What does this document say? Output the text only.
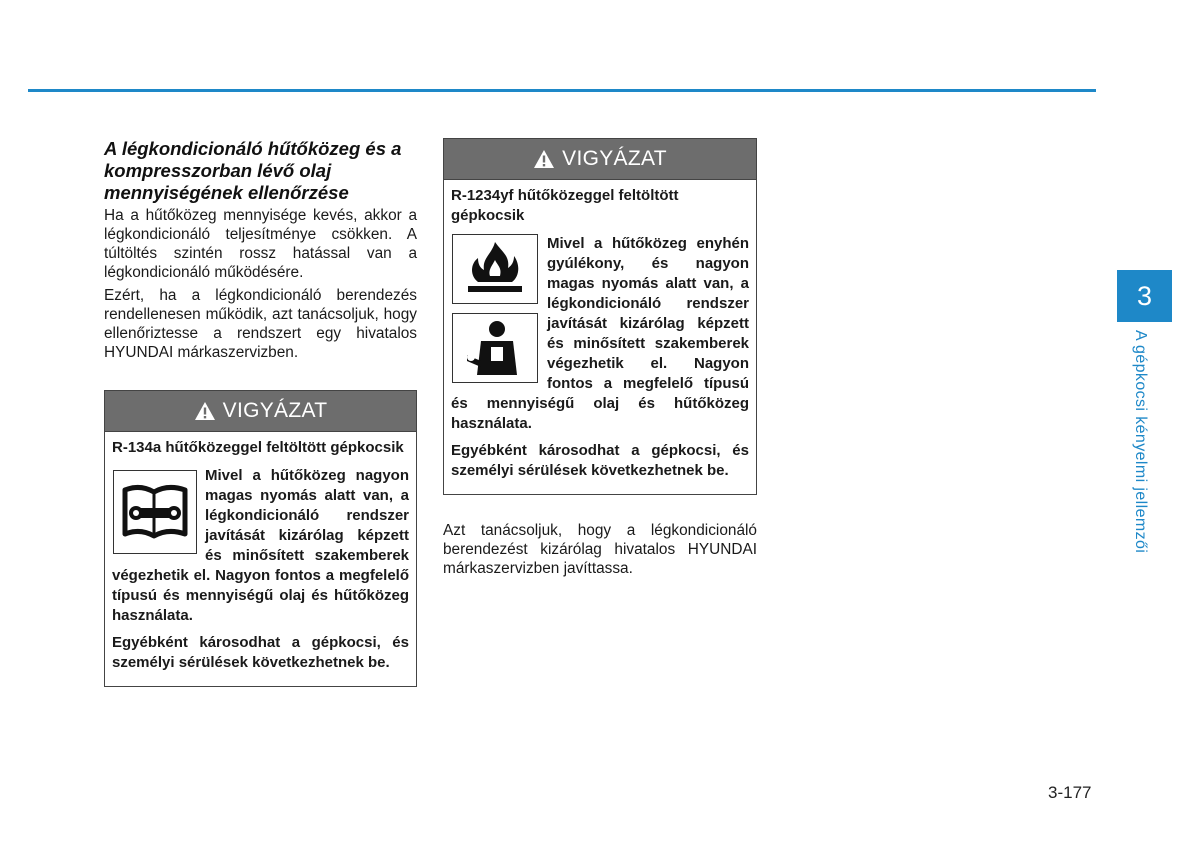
A légkondicionáló hűtőközeg és a kompresszorban lévő olaj mennyiségének ellenőrzése

Ha a hűtőközeg mennyisége kevés, akkor a légkondicionáló teljesítménye csökken. A túltöltés szintén rossz hatással van a légkondicionáló működésére.

Ezért, ha a légkondicionáló berendezés rendellenesen működik, azt tanácsoljuk, hogy ellenőriztesse a rendszert egy hivatalos HYUNDAI márkaszervizben.

VIGYÁZAT

R-134a hűtőközeggel feltöltött gépkocsik

Mivel a hűtőközeg nagyon magas nyomás alatt van, a légkondicionáló rendszer javítását kizárólag képzett és minősített szakemberek végezhetik el. Nagyon fontos a megfelelő típusú és mennyiségű olaj és hűtőközeg használata.

Egyébként károsodhat a gépkocsi, és személyi sérülések következhetnek be.

VIGYÁZAT

R-1234yf hűtőközeggel feltöltött gépkocsik

Mivel a hűtőközeg enyhén gyúlékony, és nagyon magas nyomás alatt van, a légkondicionáló rendszer javítását kizárólag képzett és minősített szakemberek végezhetik el. Nagyon fontos a megfelelő típusú és mennyiségű olaj és hűtőközeg használata.

Egyébként károsodhat a gépkocsi, és személyi sérülések következhetnek be.

Azt tanácsoljuk, hogy a légkondicionáló berendezést kizárólag hivatalos HYUNDAI márkaszervizben javíttassa.

3
A gépkocsi kényelmi jellemzői
3-177
